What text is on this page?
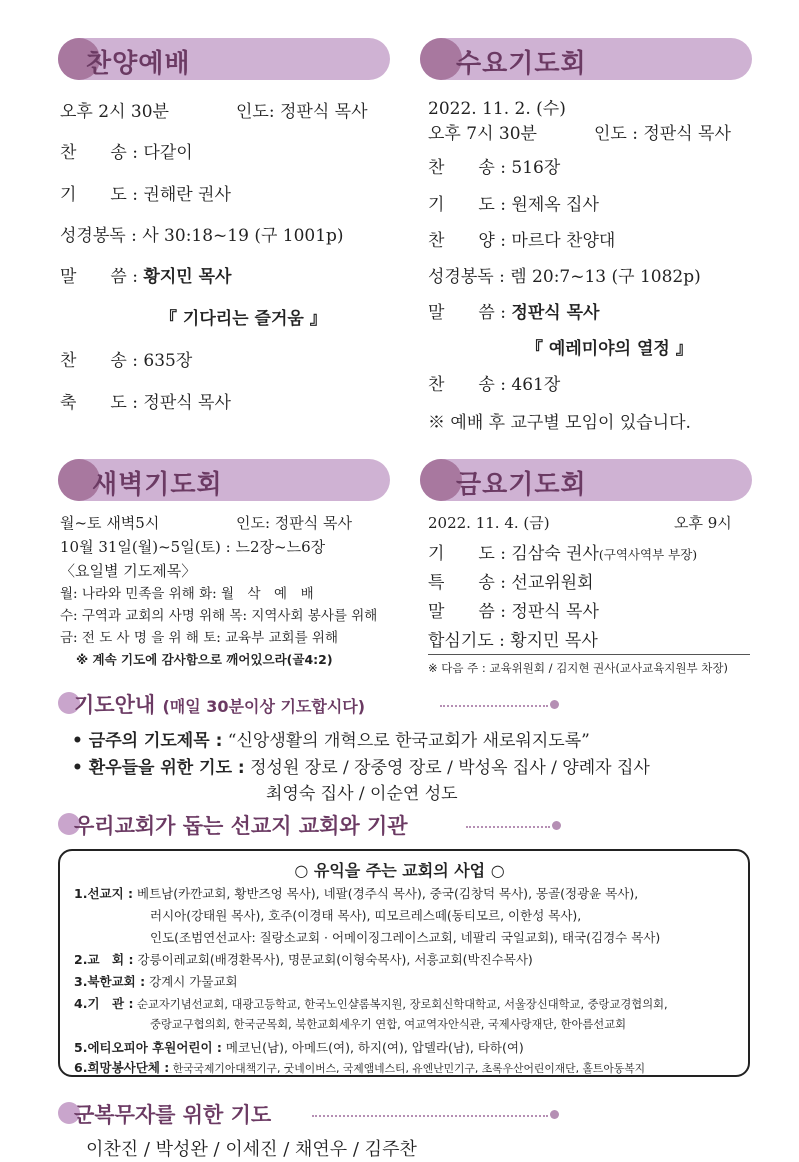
찬양예배
오후 2시 30분	인도: 정판식 목사
찬　　송 : 다같이
기　　도 : 권해란 권사
성경봉독 : 사 30:18~19 (구 1001p)
말　　씀 : 황지민 목사
『 기다리는 즐거움 』
찬　　송 : 635장
축　　도 : 정판식 목사
수요기도회
2022. 11. 2. (수)
오후 7시 30분	인도 : 정판식 목사
찬　　송 : 516장
기　　도 : 원제옥 집사
찬　　양 : 마르다 찬양대
성경봉독 : 렘 20:7~13 (구 1082p)
말　　씀 : 정판식 목사
『 예레미야의 열정 』
찬　　송 : 461장
※ 예배 후 교구별 모임이 있습니다.
새벽기도회
월~토 새벽5시	인도: 정판식 목사
10월 31일(월)~5일(토) : 느2장~느6장
〈요일별 기도제목〉
월: 나라와 민족을 위해 화: 월　삭　예　배
수: 구역과 교회의 사명 위해 목: 지역사회 봉사를 위해
금: 전 도 사 명 을 위 해 토: 교육부 교회를 위해
※ 계속 기도에 감사함으로 깨어있으라(골4:2)
금요기도회
2022. 11. 4. (금)	오후 9시
기　　도 : 김삼숙 권사(구역사역부 부장)
특　　송 : 선교위원회
말　　씀 : 정판식 목사
합심기도 : 황지민 목사
※ 다음 주 : 교육위원회 / 김지현 권사(교사교육지원부 차장)
기도안내 (매일 30분이상 기도합시다)
• 금주의 기도제목 : “신앙생활의 개혁으로 한국교회가 새로워지도록”
• 환우들을 위한 기도 : 정성원 장로 / 장중영 장로 / 박성옥 집사 / 양례자 집사
최영숙 집사 / 이순연 성도
우리교회가 돕는 선교지 교회와 기관
○ 유익을 주는 교회의 사업 ○
1.선교지 : 베트남(카깐교회, 황반즈엉 목사), 네팔(경주식 목사), 중국(김창덕 목사), 몽골(정광윤 목사),
러시아(강태원 목사), 호주(이경태 목사), 띠모르레스떼(동티모르, 이한성 목사),
인도(조범연선교사: 질랑소교회 · 어메이징그레이스교회, 네팔리 국일교회), 태국(김경수 목사)
2.교　회 : 강릉이레교회(배경환목사), 명문교회(이형숙목사), 서흥교회(박진수목사)
3.북한교회 : 강계시 가물교회
4.기　관 : 순교자기념선교회, 대광고등학교, 한국노인샬롬복지원, 장로회신학대학교, 서울장신대학교, 중랑교경협의회,
중랑교구협의회, 한국군목회, 북한교회세우기 연합, 여교역자안식관, 국제사랑재단, 한아름선교회
5.에티오피아 후원어린이 : 메코닌(남), 아메드(여), 하지(여), 압델라(남), 타하(여)
6.희망봉사단체 : 한국국제기아대책기구, 굿네이버스, 국제앰네스티, 유엔난민기구, 초록우산어린이재단, 홀트아동복지
군복무자를 위한 기도
이찬진 / 박성완 / 이세진 / 채연우 / 김주찬
